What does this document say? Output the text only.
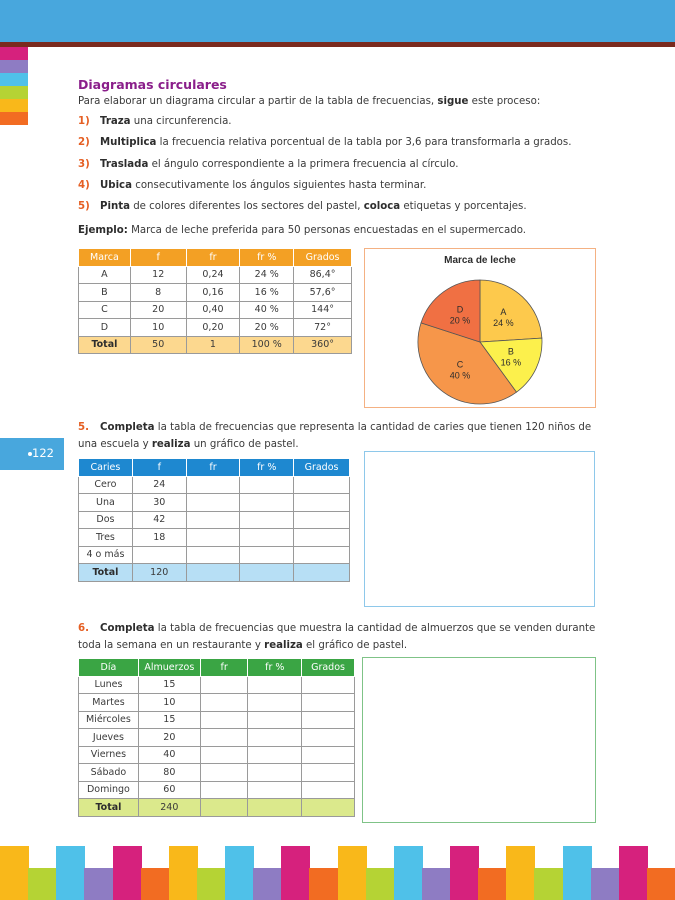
Diagramas circulares
Para elaborar un diagrama circular a partir de la tabla de frecuencias, sigue este proceso:
1) Traza una circunferencia.
2) Multiplica la frecuencia relativa porcentual de la tabla por 3,6 para transformarla a grados.
3) Traslada el ángulo correspondiente a la primera frecuencia al círculo.
4) Ubica consecutivamente los ángulos siguientes hasta terminar.
5) Pinta de colores diferentes los sectores del pastel, coloca etiquetas y porcentajes.
Ejemplo: Marca de leche preferida para 50 personas encuestadas en el supermercado.
Marca	f	fr	fr %	Grados
A	12	0,24	24 %	86,4°
B	8	0,16	16 %	57,6°
C	20	0,40	40 %	144°
D	10	0,20	20 %	72°
Total	50	1	100 %	360°
A
24 %
B
16 %
C
40 %
D
20 %
Marca de leche
122
5. Completa la tabla de frecuencias que representa la cantidad de caries que tienen 120 niños de una escuela y realiza un gráfico de pastel.
Caries	f	fr	fr %	Grados
Cero	24			
Una	30			
Dos	42			
Tres	18			
4 o más				
Total	120			
6. Completa la tabla de frecuencias que muestra la cantidad de almuerzos que se venden durante toda la semana en un restaurante y realiza el gráfico de pastel.
Día	Almuerzos	fr	fr %	Grados
Lunes	15			
Martes	10			
Miércoles	15			
Jueves	20			
Viernes	40			
Sábado	80			
Domingo	60			
Total	240			
